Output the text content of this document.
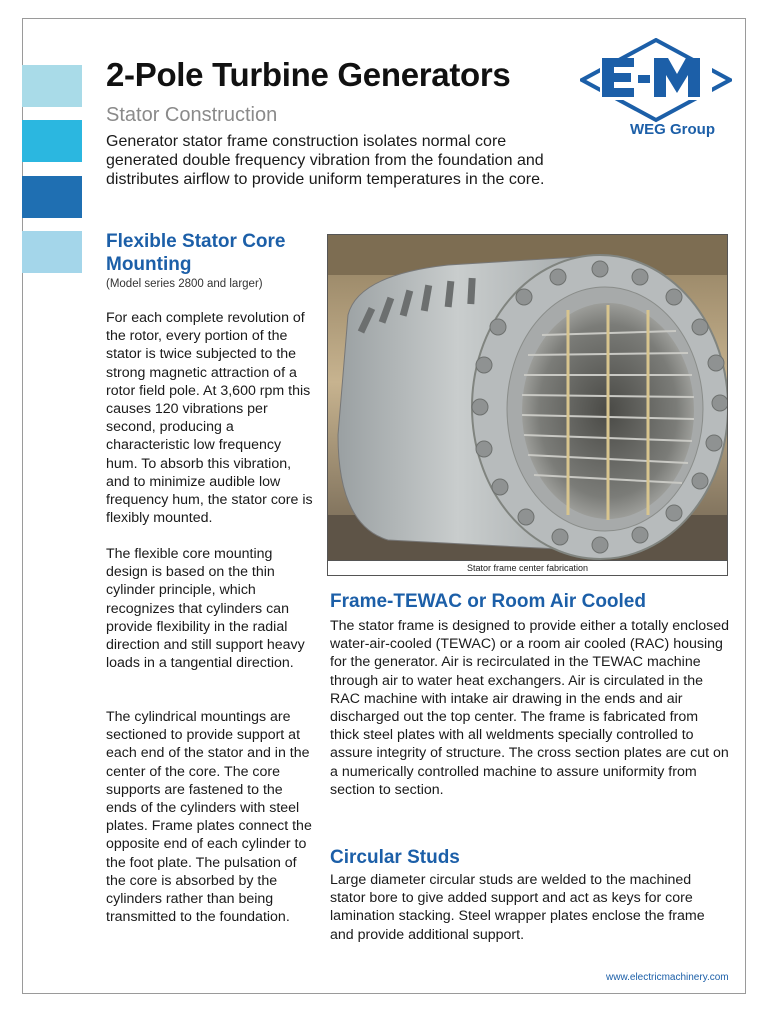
2-Pole Turbine Generators

Stator Construction

Generator stator frame construction isolates normal core generated double frequency vibration from the foundation and distributes airflow to provide uniform temperatures in the core.

WEG Group
Flexible Stator Core Mounting

(Model series 2800 and larger)

For each complete revolution of the rotor, every portion of the stator is twice subjected to the strong magnetic attraction of a rotor field pole. At 3,600 rpm this causes 120 vibrations per second, producing a characteristic low frequency hum. To absorb this vibration, and to minimize audible low frequency hum, the stator core is flexibly mounted.

The flexible core mounting design is based on the thin cylinder principle, which recognizes that cylinders can provide flexibility in the radial direction and still support heavy loads in a tangential direction.

The cylindrical mountings are sectioned to provide support at each end of the stator and in the center of the core. The core supports are fastened to the ends of the cylinders with steel plates. Frame plates connect the opposite end of each cylinder to the foot plate. The pulsation of the core is absorbed by the cylinders rather than being transmitted to the foundation.

Stator frame center fabrication
Frame-TEWAC or Room Air Cooled

The stator frame is designed to provide either a totally enclosed water-air-cooled (TEWAC) or a room air cooled (RAC) housing for the generator. Air is recirculated in the TEWAC machine through air to water heat exchangers. Air is circulated in the RAC machine with intake air drawing in the ends and air discharged out the top center. The frame is fabricated from thick steel plates with all weldments specially controlled to assure integrity of structure. The cross section plates are cut on a numerically controlled machine to assure uniformity from section to section.

Circular Studs

Large diameter circular studs are welded to the machined stator bore to give added support and act as keys for core lamination stacking. Steel wrapper plates enclose the frame and provide additional support.

www.electricmachinery.com
